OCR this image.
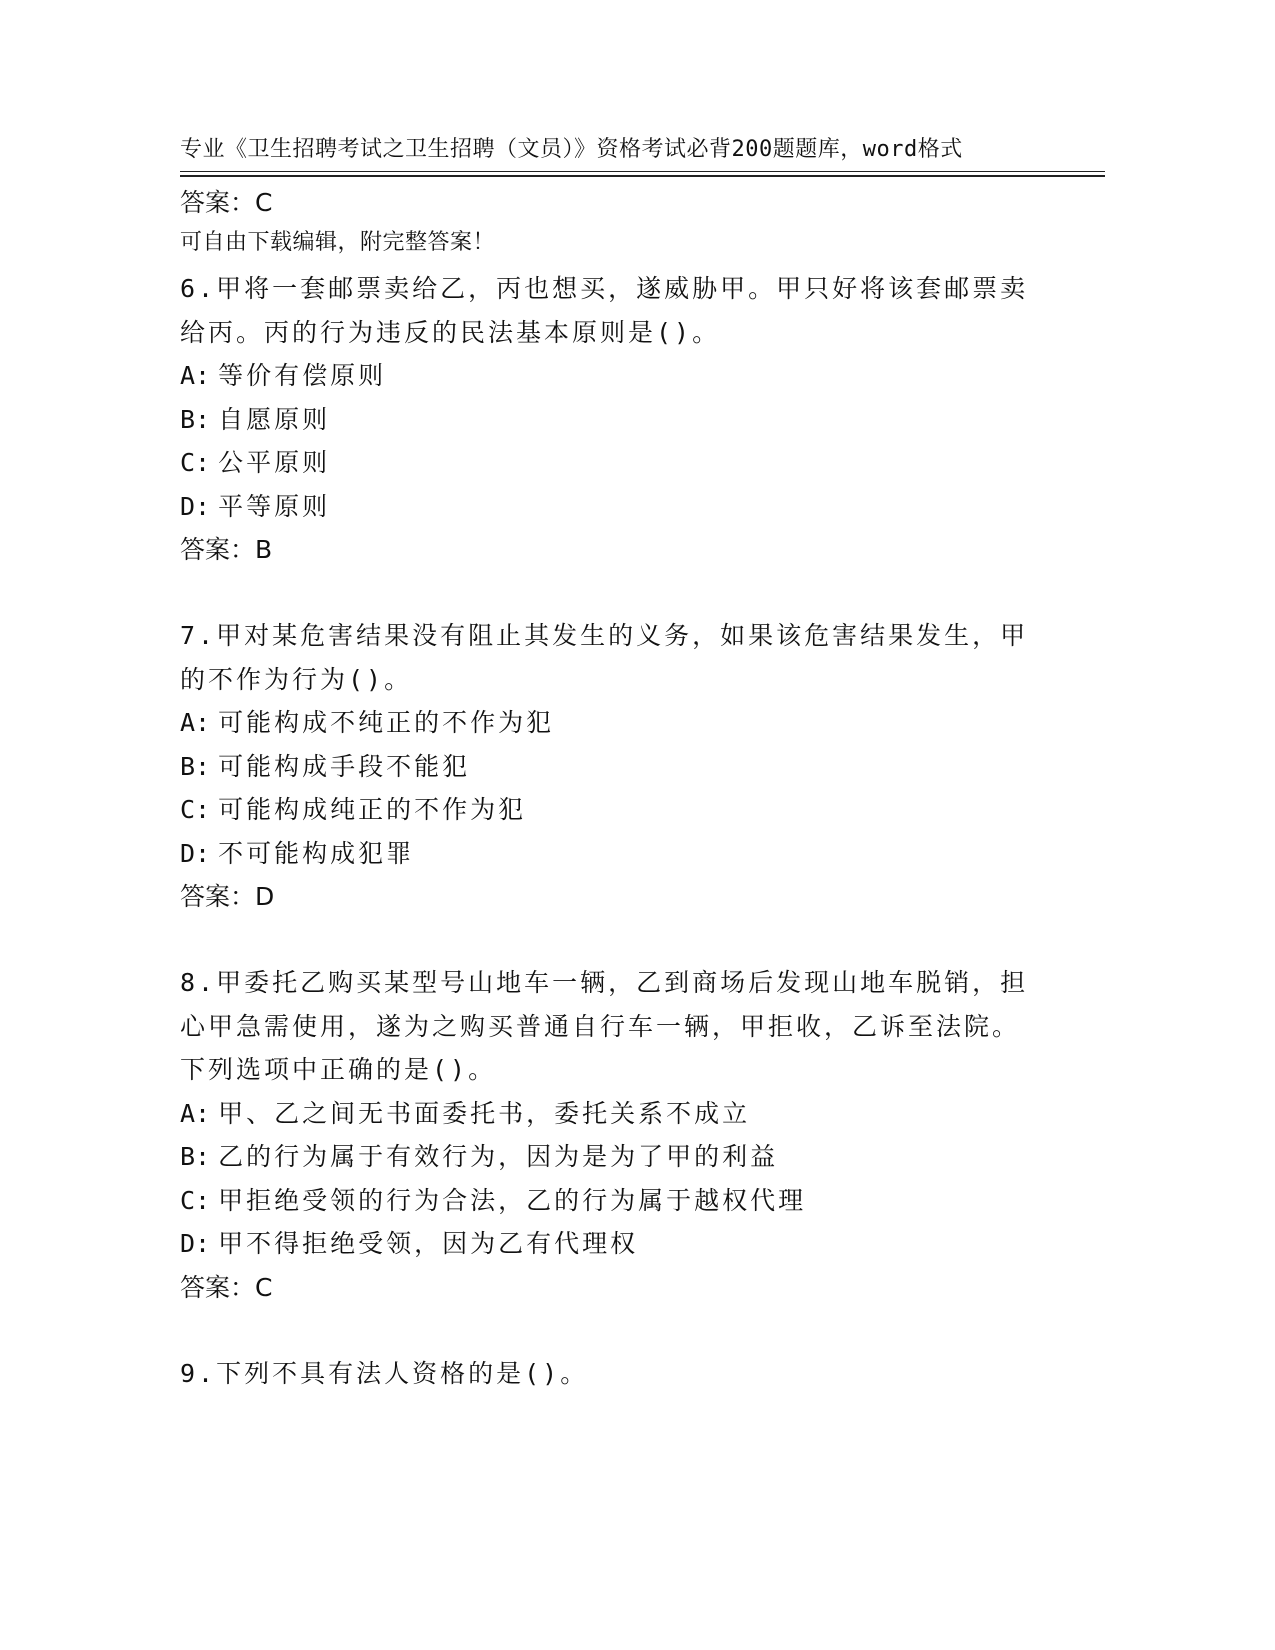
专业《卫生招聘考试之卫生招聘（文员）》资格考试必背200题题库，word格式

可自由下载编辑，附完整答案！

答案：C

6.甲将一套邮票卖给乙，丙也想买，遂威胁甲。甲只好将该套邮票卖

给丙。丙的行为违反的民法基本原则是()。

A: 等价有偿原则

B: 自愿原则

C: 公平原则

D: 平等原则

答案：B

7.甲对某危害结果没有阻止其发生的义务，如果该危害结果发生，甲

的不作为行为()。

A: 可能构成不纯正的不作为犯

B: 可能构成手段不能犯

C: 可能构成纯正的不作为犯

D: 不可能构成犯罪

答案：D

8.甲委托乙购买某型号山地车一辆，乙到商场后发现山地车脱销，担

心甲急需使用，遂为之购买普通自行车一辆，甲拒收，乙诉至法院。

下列选项中正确的是()。

A: 甲、乙之间无书面委托书，委托关系不成立

B: 乙的行为属于有效行为，因为是为了甲的利益

C: 甲拒绝受领的行为合法，乙的行为属于越权代理

D: 甲不得拒绝受领，因为乙有代理权

答案：C

9.下列不具有法人资格的是()。
